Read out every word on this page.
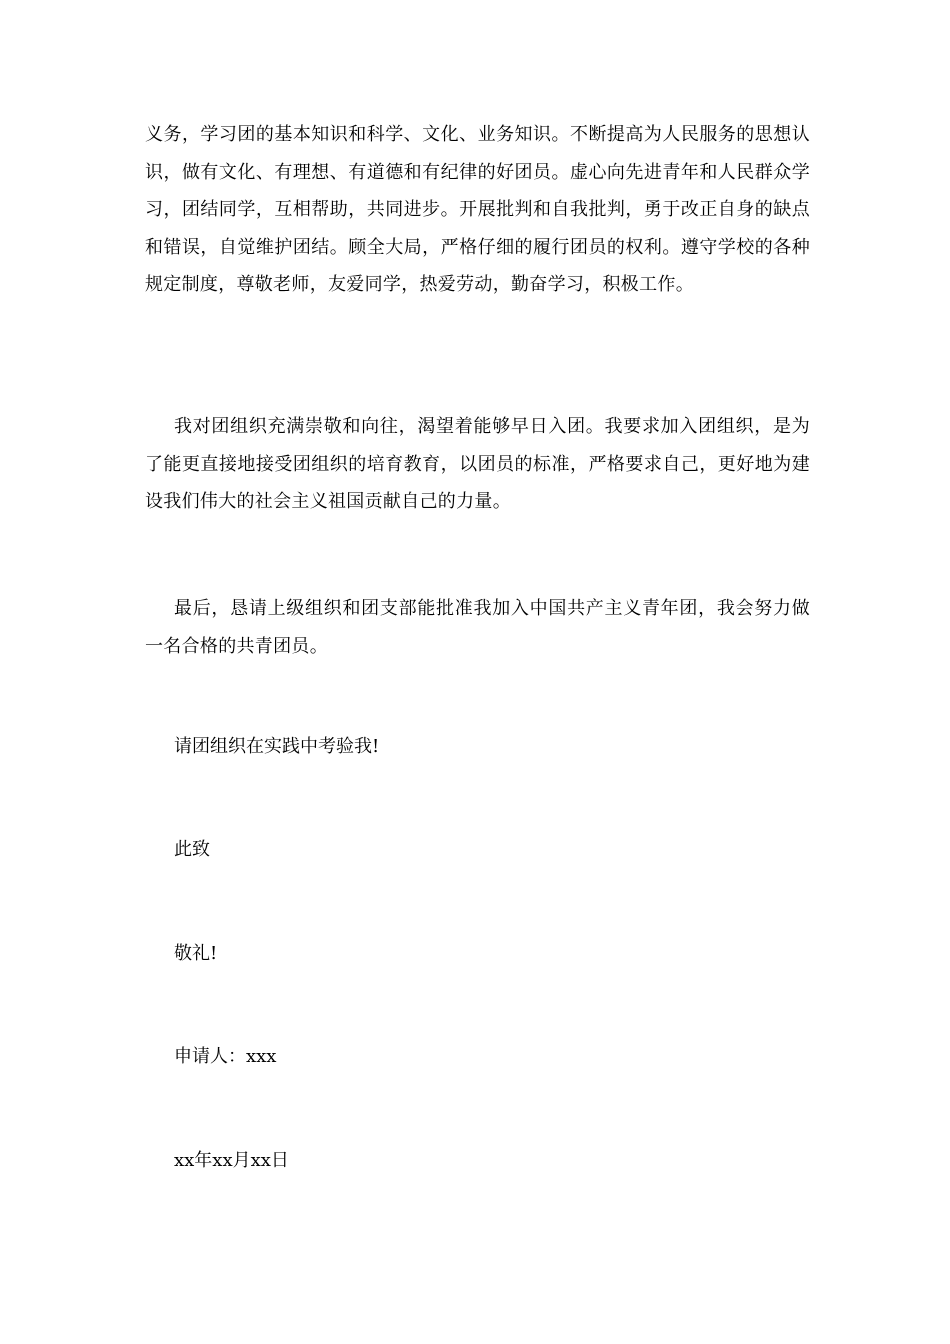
义务，学习团的基本知识和科学、文化、业务知识。不断提高为人民服务的思想认识，做有文化、有理想、有道德和有纪律的好团员。虚心向先进青年和人民群众学习，团结同学，互相帮助，共同进步。开展批判和自我批判，勇于改正自身的缺点和错误，自觉维护团结。顾全大局，严格仔细的履行团员的权利。遵守学校的各种规定制度，尊敬老师，友爱同学，热爱劳动，勤奋学习，积极工作。
我对团组织充满崇敬和向往，渴望着能够早日入团。我要求加入团组织，是为了能更直接地接受团组织的培育教育，以团员的标准，严格要求自己，更好地为建设我们伟大的社会主义祖国贡献自己的力量。
最后，恳请上级组织和团支部能批准我加入中国共产主义青年团，我会努力做一名合格的共青团员。
请团组织在实践中考验我!
此致
敬礼!
申请人：xxx
xx年xx月xx日
